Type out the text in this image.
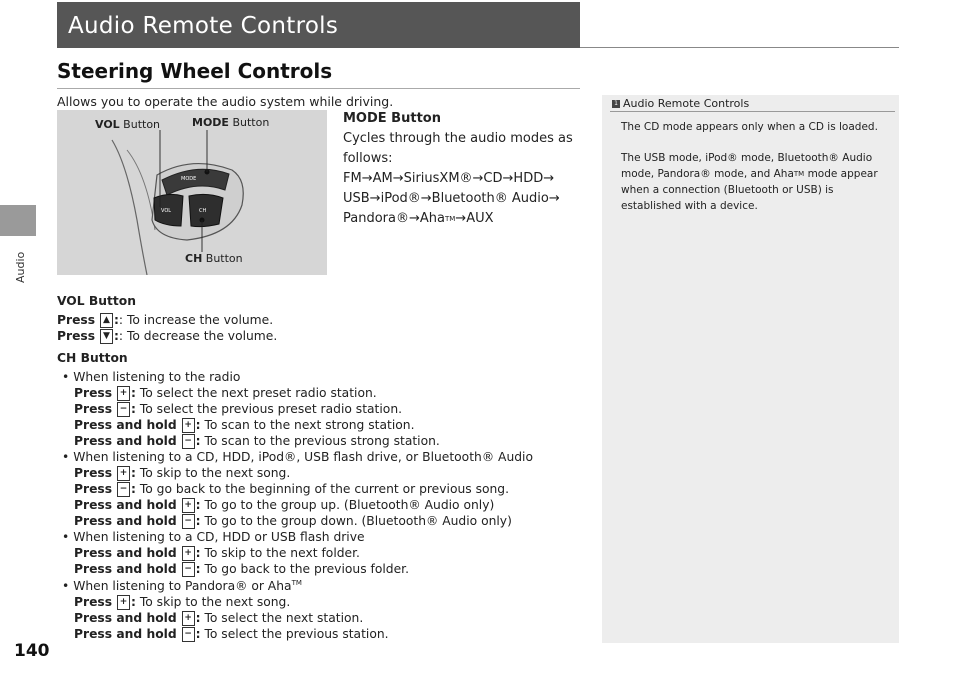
Audio
140
Audio Remote Controls
Steering Wheel Controls
Allows you to operate the audio system while driving.
MODE
VOL	CH
VOL Button	MODE Button
CH Button
MODE Button
Cycles through the audio modes as
follows:
FM→AM→SiriusXM®→CD→HDD→
USB→iPod®→Bluetooth® Audio→
Pandora®→Aha™→AUX
1 Audio Remote Controls
The CD mode appears only when a CD is loaded.
The USB mode, iPod® mode, Bluetooth® Audio
mode, Pandora® mode, and Aha™ mode appear
when a connection (Bluetooth or USB) is
established with a device.
VOL Button
Press ▲ :: To increase the volume.
Press ▼ :: To decrease the volume.
CH Button
• When listening to the radio
Press + : To select the next preset radio station.
Press − : To select the previous preset radio station.
Press and hold + : To scan to the next strong station.
Press and hold − : To scan to the previous strong station.
• When listening to a CD, HDD, iPod®, USB flash drive, or Bluetooth® Audio
Press + : To skip to the next song.
Press − : To go back to the beginning of the current or previous song.
Press and hold + : To go to the group up. (Bluetooth® Audio only)
Press and hold − : To go to the group down. (Bluetooth® Audio only)
• When listening to a CD, HDD or USB flash drive
Press and hold + : To skip to the next folder.
Press and hold − : To go back to the previous folder.
• When listening to Pandora® or Aha™
Press + : To skip to the next song.
Press and hold + : To select the next station.
Press and hold − : To select the previous station.
